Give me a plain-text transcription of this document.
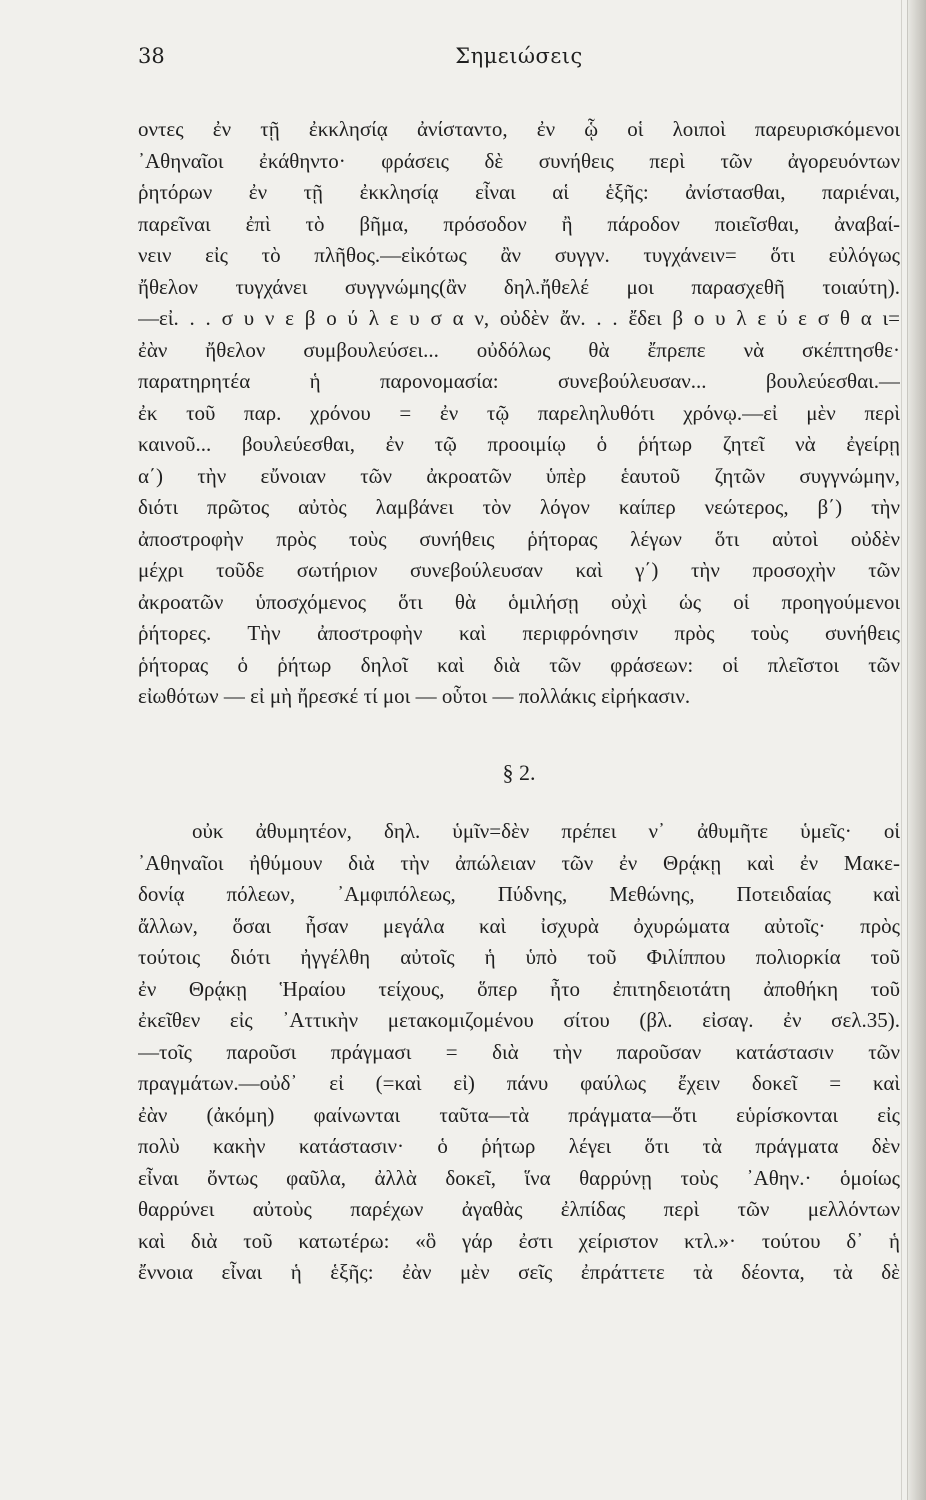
38	Σημειώσεις
οντες ἐν τῇ ἐκκλησίᾳ ἀνίσταντο, ἐν ᾧ οἱ λοιποὶ παρευρισκόμενοι
᾿Αθηναῖοι ἐκάθηντο· φράσεις δὲ συνήθεις περὶ τῶν ἀγορευόντων
ῥητόρων ἐν τῇ ἐκκλησίᾳ εἶναι αἱ ἑξῆς: ἀνίστασθαι, παριέναι,
παρεῖναι ἐπὶ τὸ βῆμα, πρόσοδον ἢ πάροδον ποιεῖσθαι, ἀναβαί-
νειν εἰς τὸ πλῆθος.—εἰκότως ἂν συγγν. τυγχάνειν= ὅτι εὐλόγως
ἤθελον τυγχάνει συγγνώμης(ἂν δηλ.ἤθελέ μοι παρασχεθῆ τοιαύτη).
—εἰ. . . σ υ ν ε β ο ύ λ ε υ σ α ν, οὐδὲν ἄν. . . ἔδει β ο υ λ ε ύ ε σ θ α ι=
ἐὰν ἤθελον συμβουλεύσει... οὐδόλως θὰ ἔπρεπε νὰ σκέπτησθε·
παρατηρητέα ἡ παρονομασία: συνεβούλευσαν... βουλεύεσθαι.—
ἐκ τοῦ παρ. χρόνου = ἐν τῷ παρεληλυθότι χρόνῳ.—εἰ μὲν περὶ
καινοῦ... βουλεύεσθαι, ἐν τῷ προοιμίῳ ὁ ῥήτωρ ζητεῖ νὰ ἐγείρῃ
α΄) τὴν εὔνοιαν τῶν ἀκροατῶν ὑπὲρ ἑαυτοῦ ζητῶν συγγνώμην,
διότι πρῶτος αὐτὸς λαμβάνει τὸν λόγον καίπερ νεώτερος, β΄) τὴν
ἀποστροφὴν πρὸς τοὺς συνήθεις ῥήτορας λέγων ὅτι αὐτοὶ οὐδὲν
μέχρι τοῦδε σωτήριον συνεβούλευσαν καὶ γ΄) τὴν προσοχὴν τῶν
ἀκροατῶν ὑποσχόμενος ὅτι θὰ ὁμιλήσῃ οὐχὶ ὡς οἱ προηγούμενοι
ῥήτορες. Τὴν ἀποστροφὴν καὶ περιφρόνησιν πρὸς τοὺς συνήθεις
ῥήτορας ὁ ῥήτωρ δηλοῖ καὶ διὰ τῶν φράσεων: οἱ πλεῖστοι τῶν
εἰωθότων — εἰ μὴ ἤρεσκέ τί μοι — οὗτοι — πολλάκις εἰρήκασιν.
§ 2.
οὐκ ἀθυμητέον, δηλ. ὑμῖν=δὲν πρέπει ν᾿ ἀθυμῆτε ὑμεῖς· οἱ
᾿Αθηναῖοι ἠθύμουν διὰ τὴν ἀπώλειαν τῶν ἐν Θρᾴκῃ καὶ ἐν Μακε-
δονίᾳ πόλεων, ᾿Αμφιπόλεως, Πύδνης, Μεθώνης, Ποτειδαίας καὶ
ἄλλων, ὅσαι ἦσαν μεγάλα καὶ ἰσχυρὰ ὀχυρώματα αὐτοῖς· πρὸς
τούτοις διότι ἠγγέλθη αὐτοῖς ἡ ὑπὸ τοῦ Φιλίππου πολιορκία τοῦ
ἐν Θρᾴκῃ Ἡραίου τείχους, ὅπερ ἦτο ἐπιτηδειοτάτη ἀποθήκη τοῦ
ἐκεῖθεν εἰς ᾿Αττικὴν μετακομιζομένου σίτου (βλ. εἰσαγ. ἐν σελ.35).
—τοῖς παροῦσι πράγμασι = διὰ τὴν παροῦσαν κατάστασιν τῶν
πραγμάτων.—οὐδ᾿ εἰ (=καὶ εἰ) πάνυ φαύλως ἔχειν δοκεῖ = καὶ
ἐὰν (ἀκόμη) φαίνωνται ταῦτα—τὰ πράγματα—ὅτι εὑρίσκονται εἰς
πολὺ κακὴν κατάστασιν· ὁ ῥήτωρ λέγει ὅτι τὰ πράγματα δὲν
εἶναι ὄντως φαῦλα, ἀλλὰ δοκεῖ, ἵνα θαρρύνῃ τοὺς ᾿Αθην.· ὁμοίως
θαρρύνει αὐτοὺς παρέχων ἀγαθὰς ἐλπίδας περὶ τῶν μελλόντων
καὶ διὰ τοῦ κατωτέρω: «ὃ γάρ ἐστι χείριστον κτλ.»· τούτου δ᾿ ἡ
ἔννοια εἶναι ἡ ἑξῆς: ἐὰν μὲν σεῖς ἐπράττετε τὰ δέοντα, τὰ δὲ
